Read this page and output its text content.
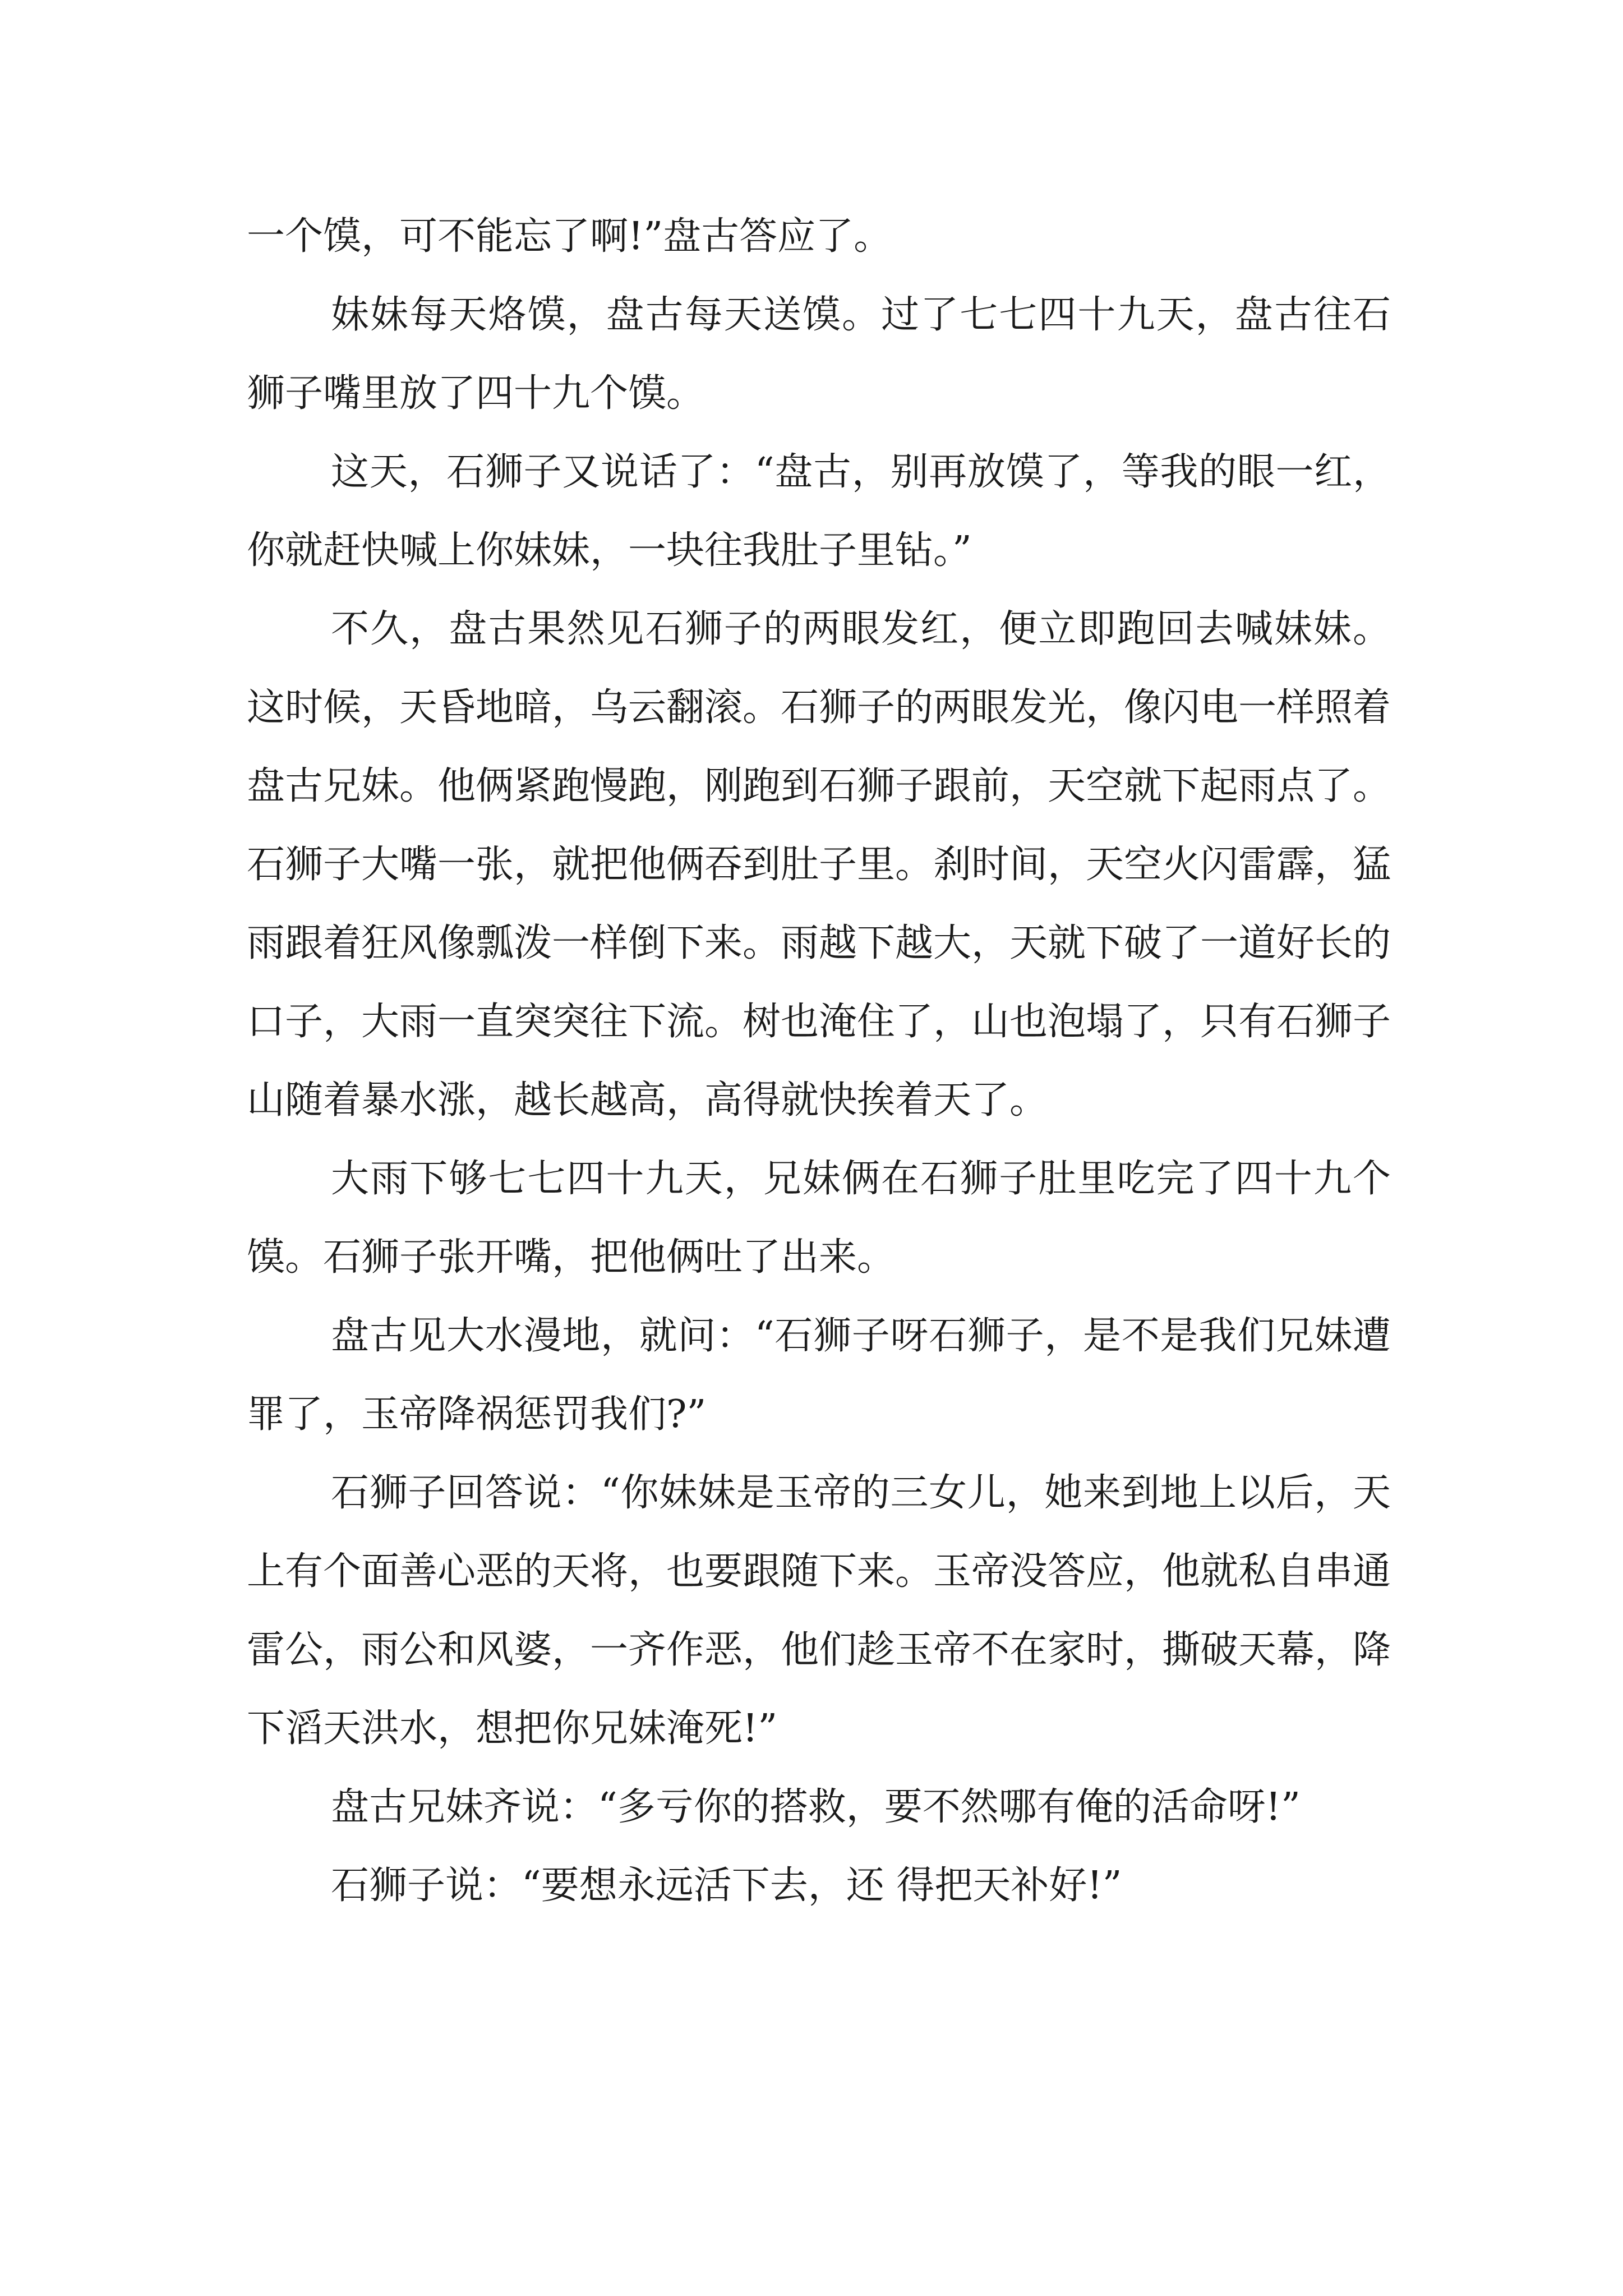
一个馍，可不能忘了啊!”盘古答应了。

妹妹每天烙馍，盘古每天送馍。过了七七四十九天，盘古往石狮子嘴里放了四十九个馍。

这天，石狮子又说话了：“盘古，别再放馍了，等我的眼一红，你就赶快喊上你妹妹，一块往我肚子里钻。”

不久，盘古果然见石狮子的两眼发红，便立即跑回去喊妹妹。这时候，天昏地暗，乌云翻滚。石狮子的两眼发光，像闪电一样照着盘古兄妹。他俩紧跑慢跑，刚跑到石狮子跟前，天空就下起雨点了。石狮子大嘴一张，就把他俩吞到肚子里。刹时间，天空火闪雷霹，猛雨跟着狂风像瓢泼一样倒下来。雨越下越大，天就下破了一道好长的口子，大雨一直突突往下流。树也淹住了，山也泡塌了，只有石狮子山随着暴水涨，越长越高，高得就快挨着天了。

大雨下够七七四十九天，兄妹俩在石狮子肚里吃完了四十九个馍。石狮子张开嘴，把他俩吐了出来。

盘古见大水漫地，就问：“石狮子呀石狮子，是不是我们兄妹遭罪了，玉帝降祸惩罚我们?”

石狮子回答说：“你妹妹是玉帝的三女儿，她来到地上以后，天上有个面善心恶的天将，也要跟随下来。玉帝没答应，他就私自串通雷公，雨公和风婆，一齐作恶，他们趁玉帝不在家时，撕破天幕，降下滔天洪水，想把你兄妹淹死!”

盘古兄妹齐说：“多亏你的搭救，要不然哪有俺的活命呀!”

石狮子说：“要想永远活下去，还 得把天补好!”
